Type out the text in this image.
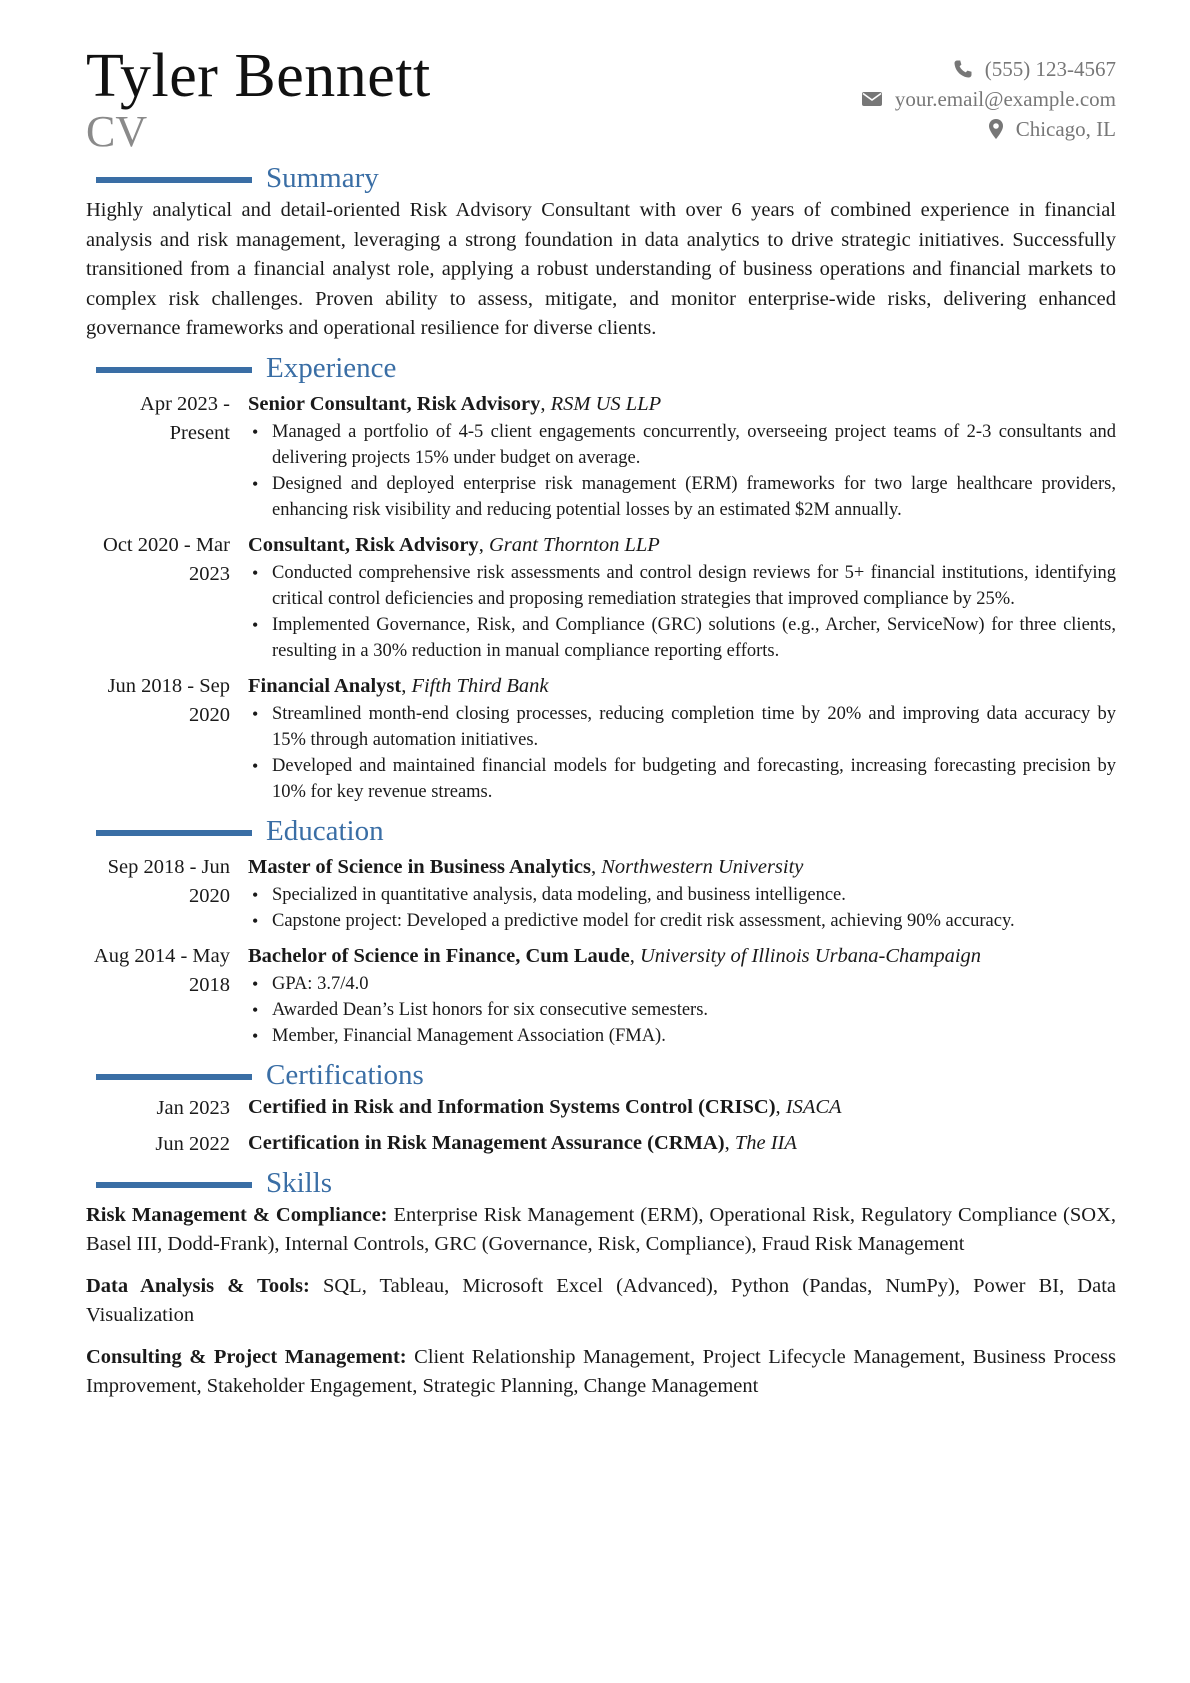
Tyler Bennett
CV
(555) 123-4567
your.email@example.com
Chicago, IL
Summary

Highly analytical and detail-oriented Risk Advisory Consultant with over 6 years of combined experience in financial analysis and risk management, leveraging a strong foundation in data analytics to drive strategic initiatives. Successfully transitioned from a financial analyst role, applying a robust understanding of business operations and financial markets to complex risk challenges. Proven ability to assess, mitigate, and monitor enterprise-wide risks, delivering enhanced governance frameworks and operational resilience for diverse clients.

Experience
Apr 2023 - Present
Senior Consultant, Risk Advisory, RSM US LLP
• Managed a portfolio of 4-5 client engagements concurrently, overseeing project teams of 2-3 consultants and delivering projects 15% under budget on average.
• Designed and deployed enterprise risk management (ERM) frameworks for two large healthcare providers, enhancing risk visibility and reducing potential losses by an estimated $2M annually.
Oct 2020 - Mar 2023
Consultant, Risk Advisory, Grant Thornton LLP
• Conducted comprehensive risk assessments and control design reviews for 5+ financial institutions, identifying critical control deficiencies and proposing remediation strategies that improved compliance by 25%.
• Implemented Governance, Risk, and Compliance (GRC) solutions (e.g., Archer, ServiceNow) for three clients, resulting in a 30% reduction in manual compliance reporting efforts.
Jun 2018 - Sep 2020
Financial Analyst, Fifth Third Bank
• Streamlined month-end closing processes, reducing completion time by 20% and improving data accuracy by 15% through automation initiatives.
• Developed and maintained financial models for budgeting and forecasting, increasing forecasting precision by 10% for key revenue streams.
Education
Sep 2018 - Jun 2020
Master of Science in Business Analytics, Northwestern University
• Specialized in quantitative analysis, data modeling, and business intelligence.
• Capstone project: Developed a predictive model for credit risk assessment, achieving 90% accuracy.
Aug 2014 - May 2018
Bachelor of Science in Finance, Cum Laude, University of Illinois Urbana-Champaign
• GPA: 3.7/4.0
• Awarded Dean’s List honors for six consecutive semesters.
• Member, Financial Management Association (FMA).
Certifications
Jan 2023 Certified in Risk and Information Systems Control (CRISC), ISACA
Jun 2022 Certification in Risk Management Assurance (CRMA), The IIA
Skills

Risk Management & Compliance: Enterprise Risk Management (ERM), Operational Risk, Regulatory Compliance (SOX, Basel III, Dodd-Frank), Internal Controls, GRC (Governance, Risk, Compliance), Fraud Risk Management

Data Analysis & Tools: SQL, Tableau, Microsoft Excel (Advanced), Python (Pandas, NumPy), Power BI, Data Visualization

Consulting & Project Management: Client Relationship Management, Project Lifecycle Management, Business Process Improvement, Stakeholder Engagement, Strategic Planning, Change Management
